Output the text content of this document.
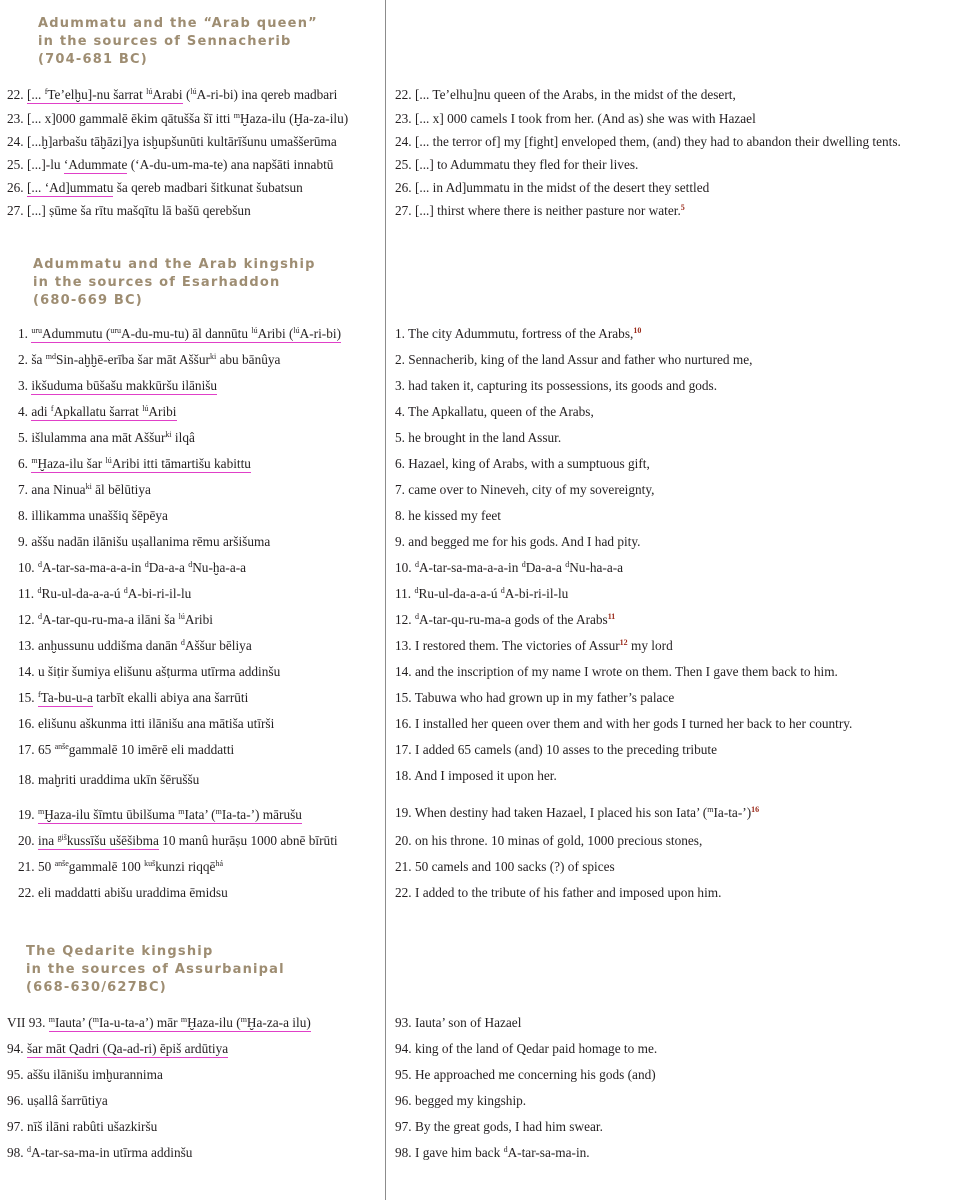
Adummatu and the “Arab queen”
in the sources of Sennacherib
(704-681 BC)
22. [... $^f$Te’elḫu]-nu šarrat $^{lú}$Arabi ($^{lú}$A-ri-bi) ina qereb madbari
23. [... x]000 gammalē ēkim qātušša šī itti $^m$Ḫaza-ilu (Ḫa-za-ilu)
24. [...ḫ]arbašu tāḫāzi]ya isḫupšunūti kultārīšunu umaššerūma
25. [...]-lu ‘Adummate (‘A-du-um-ma-te) ana napšāti innabtū
26. [... ‘Ad]ummatu ša qereb madbari šitkunat šubatsun
27. [...] ṣūme ša rītu mašqītu lā bašū qerebšun
22. [... Te’elhu]nu queen of the Arabs, in the midst of the desert,
23. [... x] 000 camels I took from her. (And as) she was with Hazael
24. [... the terror of] my [fight] enveloped them, (and) they had to abandon their dwelling tents.
25. [...] to Adummatu they fled for their lives.
26. [... in Ad]ummatu in the midst of the desert they settled
27. [...] thirst where there is neither pasture nor water.$^5$
Adummatu and the Arab kingship
in the sources of Esarhaddon
(680-669 BC)
1. $^{uru}$Adummutu ($^{uru}$A-du-mu-tu) āl dannūtu $^{lú}$Aribi ($^{lú}$A-ri-bi)
2. ša $^{md}$Sin-aḫḫē-erība šar māt Aššur$^{ki}$ abu bānûya
3. ikšuduma būšašu makkūršu ilānišu
4. adi $^f$Apkallatu šarrat $^{lú}$Aribi
5. išlulamma ana māt Aššur$^{ki}$ ilqâ
6. $^m$Ḫaza-ilu šar $^{lú}$Aribi itti tāmartišu kabittu
7. ana Ninua$^{ki}$ āl bēlūtiya
8. illikamma unaššiq šēpēya
9. aššu nadān ilānišu uṣallanima rēmu aršišuma
10. $^d$A-tar-sa-ma-a-a-in $^d$Da-a-a $^d$Nu-ḫa-a-a
11. $^d$Ru-ul-da-a-a-ú $^d$A-bi-ri-il-lu
12. $^d$A-tar-qu-ru-ma-a ilāni ša $^{lú}$Aribi
13. anḫussunu uddišma danān $^d$Aššur bēliya
14. u šiṭir šumiya elišunu ašṭurma utīrma addinšu
15. $^f$Ta-bu-u-a tarbīt ekalli abiya ana šarrūti
16. elišunu aškunma itti ilānišu ana mātiša utīrši
17. 65 $^{anše}$gammalē 10 imērē eli maddatti
18. maḫriti uraddima ukīn šēruššu
19. $^m$Ḫaza-ilu šīmtu ūbilšuma $^m$Iata’ ($^m$Ia-ta-’) mārušu
20. ina $^{giš}$kussīšu ušēšibma 10 manû hurāṣu 1000 abnē bīrūti
21. 50 $^{anše}$gammalē 100 $^{kuš}$kunzi riqqē$^{há}$
22. eli maddatti abišu uraddima ēmidsu
1. The city Adummutu, fortress of the Arabs,$^{10}$
2. Sennacherib, king of the land Assur and father who nurtured me,
3. had taken it, capturing its possessions, its goods and gods.
4. The Apkallatu, queen of the Arabs,
5. he brought in the land Assur.
6. Hazael, king of Arabs, with a sumptuous gift,
7. came over to Nineveh, city of my sovereignty,
8. he kissed my feet
9. and begged me for his gods. And I had pity.
10. $^d$A-tar-sa-ma-a-a-in $^d$Da-a-a $^d$Nu-ha-a-a
11. $^d$Ru-ul-da-a-a-ú $^d$A-bi-ri-il-lu
12. $^d$A-tar-qu-ru-ma-a gods of the Arabs$^{11}$
13. I restored them. The victories of Assur$^{12}$ my lord
14. and the inscription of my name I wrote on them. Then I gave them back to him.
15. Tabuwa who had grown up in my father’s palace
16. I installed her queen over them and with her gods I turned her back to her country.
17. I added 65 camels (and) 10 asses to the preceding tribute
18. And I imposed it upon her.
19. When destiny had taken Hazael, I placed his son Iata’ ($^m$Ia-ta-’)$^{16}$
20. on his throne. 10 minas of gold, 1000 precious stones,
21. 50 camels and 100 sacks (?) of spices
22. I added to the tribute of his father and imposed upon him.
The Qedarite kingship
in the sources of Assurbanipal
(668-630/627BC)
VII 93. $^m$Iauta’ ($^m$Ia-u-ta-a’) mār $^m$Ḫaza-ilu ($^m$Ḫa-za-a ilu)
94. šar māt Qadri (Qa-ad-ri) ēpiš ardūtiya
95. aššu ilānišu imḫurannima
96. uṣallâ šarrūtiya
97. nīš ilāni rabûti ušazkiršu
98. $^d$A-tar-sa-ma-in utīrma addinšu
93. Iauta’ son of Hazael
94. king of the land of Qedar paid homage to me.
95. He approached me concerning his gods (and)
96. begged my kingship.
97. By the great gods, I had him swear.
98. I gave him back $^d$A-tar-sa-ma-in.
